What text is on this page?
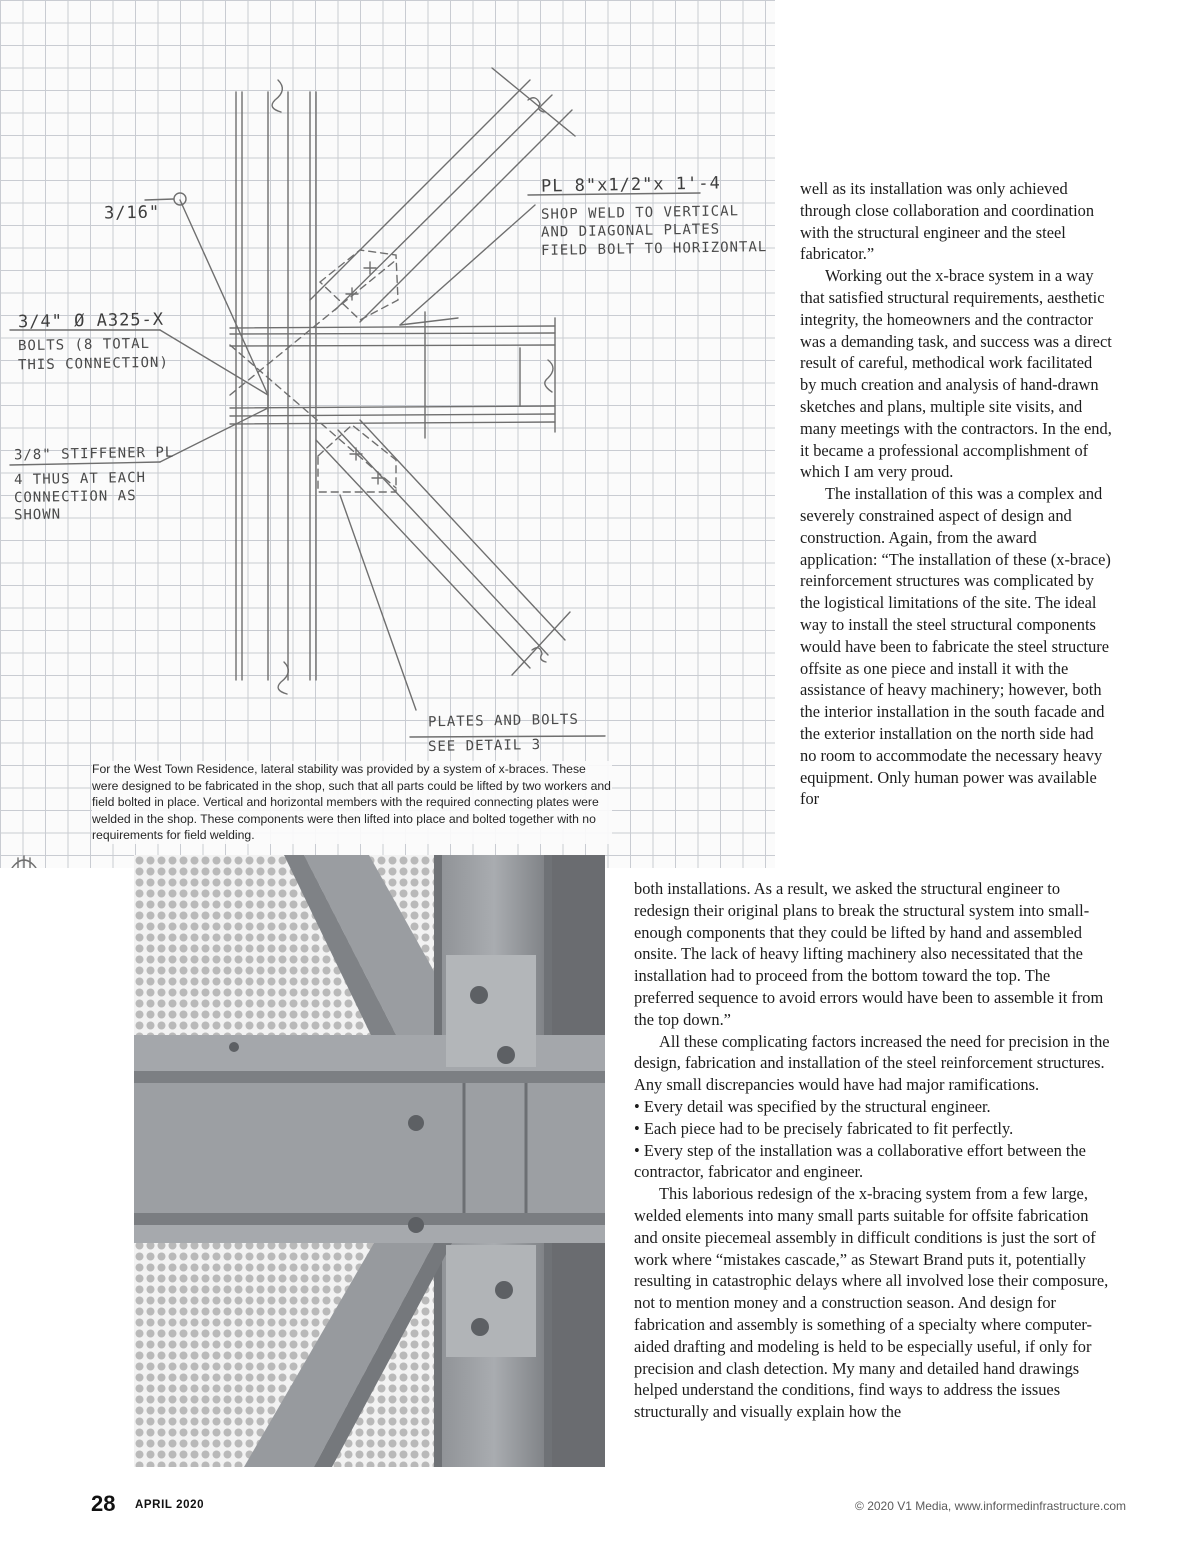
3/16"
PL 8"x1/2"x 1'-4
SHOP WELD TO VERTICAL
AND DIAGONAL PLATES
FIELD BOLT TO HORIZONTAL
3/4" Ø A325-X
BOLTS (8 TOTAL
THIS CONNECTION)
3/8" STIFFENER PL
4 THUS AT EACH
CONNECTION AS
SHOWN
PLATES AND BOLTS
SEE DETAIL 3
For the West Town Residence, lateral stability was provided by a system of x-braces. These were designed to be fabricated in the shop, such that all parts could be lifted by two workers and field bolted in place. Vertical and horizontal members with the required connecting plates were welded in the shop. These components were then lifted into place and bolted together with no requirements for field welding.

well as its installation was only achieved through close collaboration and coordination with the structural engineer and the steel fabricator.”

Working out the x-brace system in a way that satisfied structural requirements, aesthetic integrity, the homeowners and the contractor was a demanding task, and success was a direct result of careful, methodical work facilitated by much creation and analysis of hand-drawn sketches and plans, multiple site visits, and many meetings with the contractors. In the end, it became a professional accomplishment of which I am very proud.

The installation of this was a complex and severely constrained aspect of design and construction. Again, from the award application: “The installation of these (x-brace) reinforcement structures was complicated by the logistical limitations of the site. The ideal way to install the steel structural components would have been to fabricate the steel structure offsite as one piece and install it with the assistance of heavy machinery; however, both the interior installation in the south facade and the exterior installation on the north side had no room to accommodate the necessary heavy equipment. Only human power was available for

both installations. As a result, we asked the structural engineer to redesign their original plans to break the structural system into small-enough components that they could be lifted by hand and assembled onsite. The lack of heavy lifting machinery also necessitated that the installation had to proceed from the bottom toward the top. The preferred sequence to avoid errors would have been to assemble it from the top down.”

All these complicating factors increased the need for precision in the design, fabrication and installation of the steel reinforcement structures. Any small discrepancies would have had major ramifications.

• Every detail was specified by the structural engineer.

• Each piece had to be precisely fabricated to fit perfectly.

• Every step of the installation was a collaborative effort between the contractor, fabricator and engineer.

This laborious redesign of the x-bracing system from a few large, welded elements into many small parts suitable for offsite fabrication and onsite piecemeal assembly in difficult conditions is just the sort of work where “mistakes cascade,” as Stewart Brand puts it, potentially resulting in catastrophic delays where all involved lose their composure, not to mention money and a construction season. And design for fabrication and assembly is something of a specialty where computer-aided drafting and modeling is held to be especially useful, if only for precision and clash detection. My many and detailed hand drawings helped understand the conditions, find ways to address the issues structurally and visually explain how the

28 APRIL 2020	© 2020 V1 Media, www.informedinfrastructure.com
